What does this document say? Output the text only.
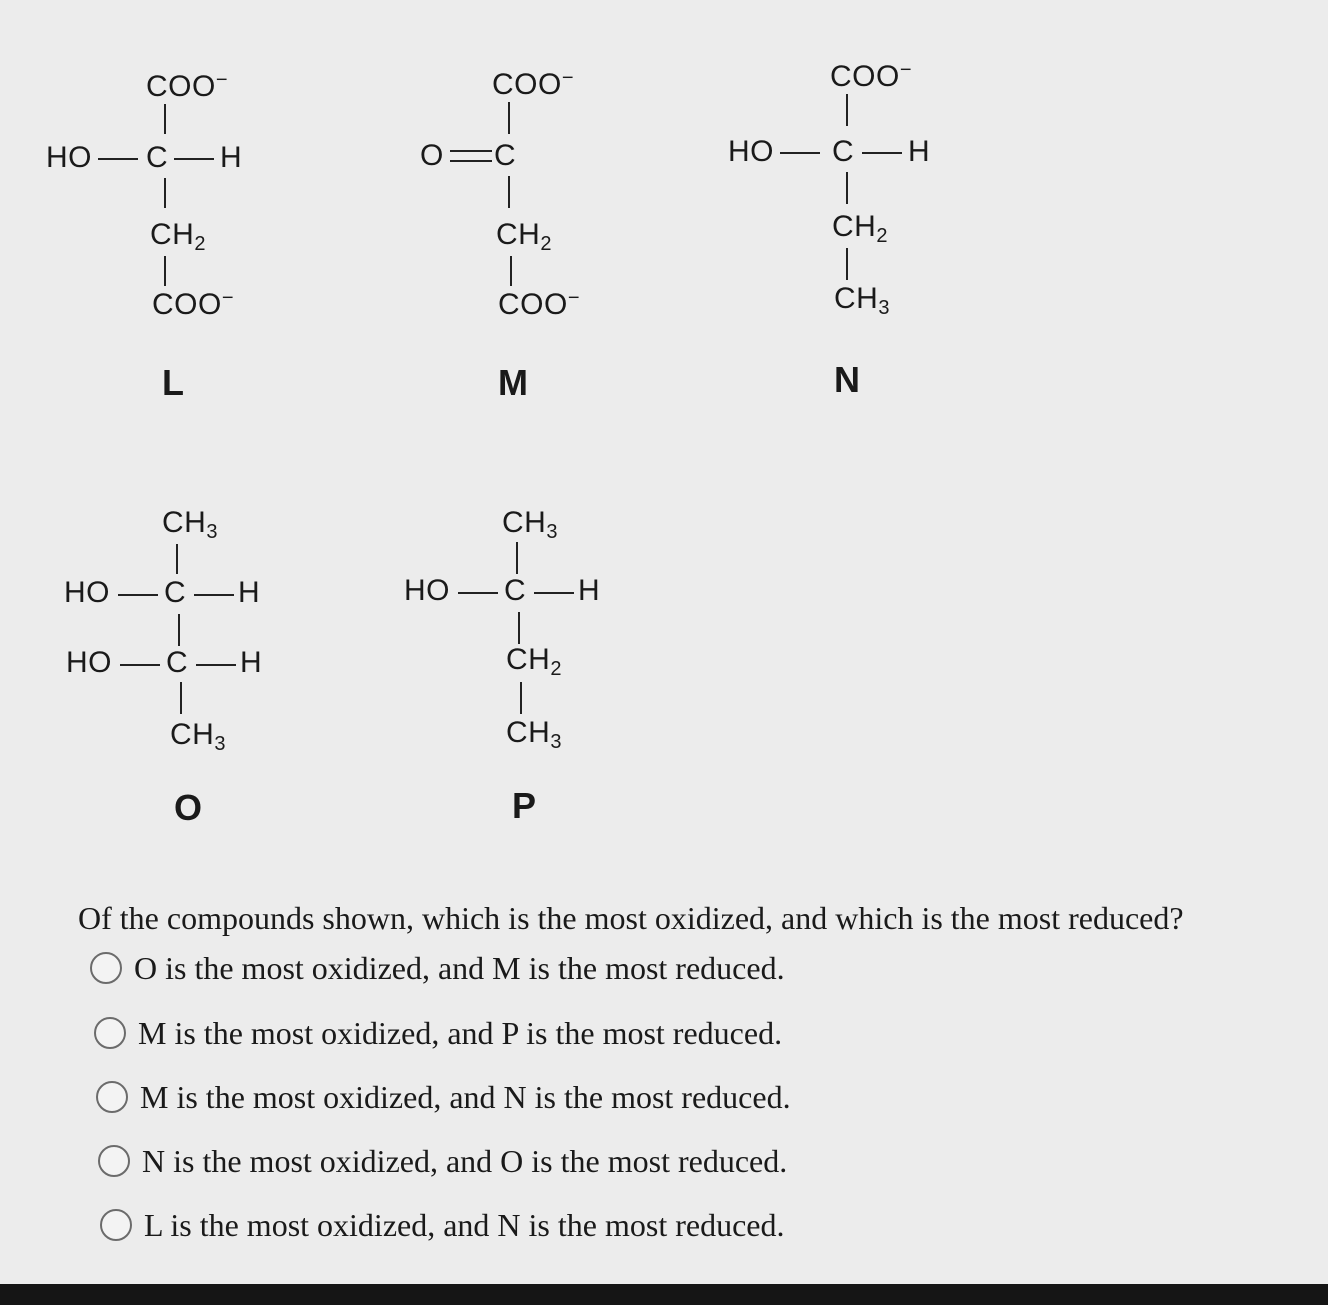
COO−
HO C H
$CH_2$
COO−
L
COO−
O C
$CH_2$
COO−
M
COO−
HO C H
$CH_2$
$CH_3$
N
$CH_3$
HO C H
HO C H
$CH_3$
O
$CH_3$
HO C H
$CH_2$
$CH_3$
P
Of the compounds shown, which is the most oxidized, and which is the most reduced?
O is the most oxidized, and M is the most reduced.
M is the most oxidized, and P is the most reduced.
M is the most oxidized, and N is the most reduced.
N is the most oxidized, and O is the most reduced.
L is the most oxidized, and N is the most reduced.
